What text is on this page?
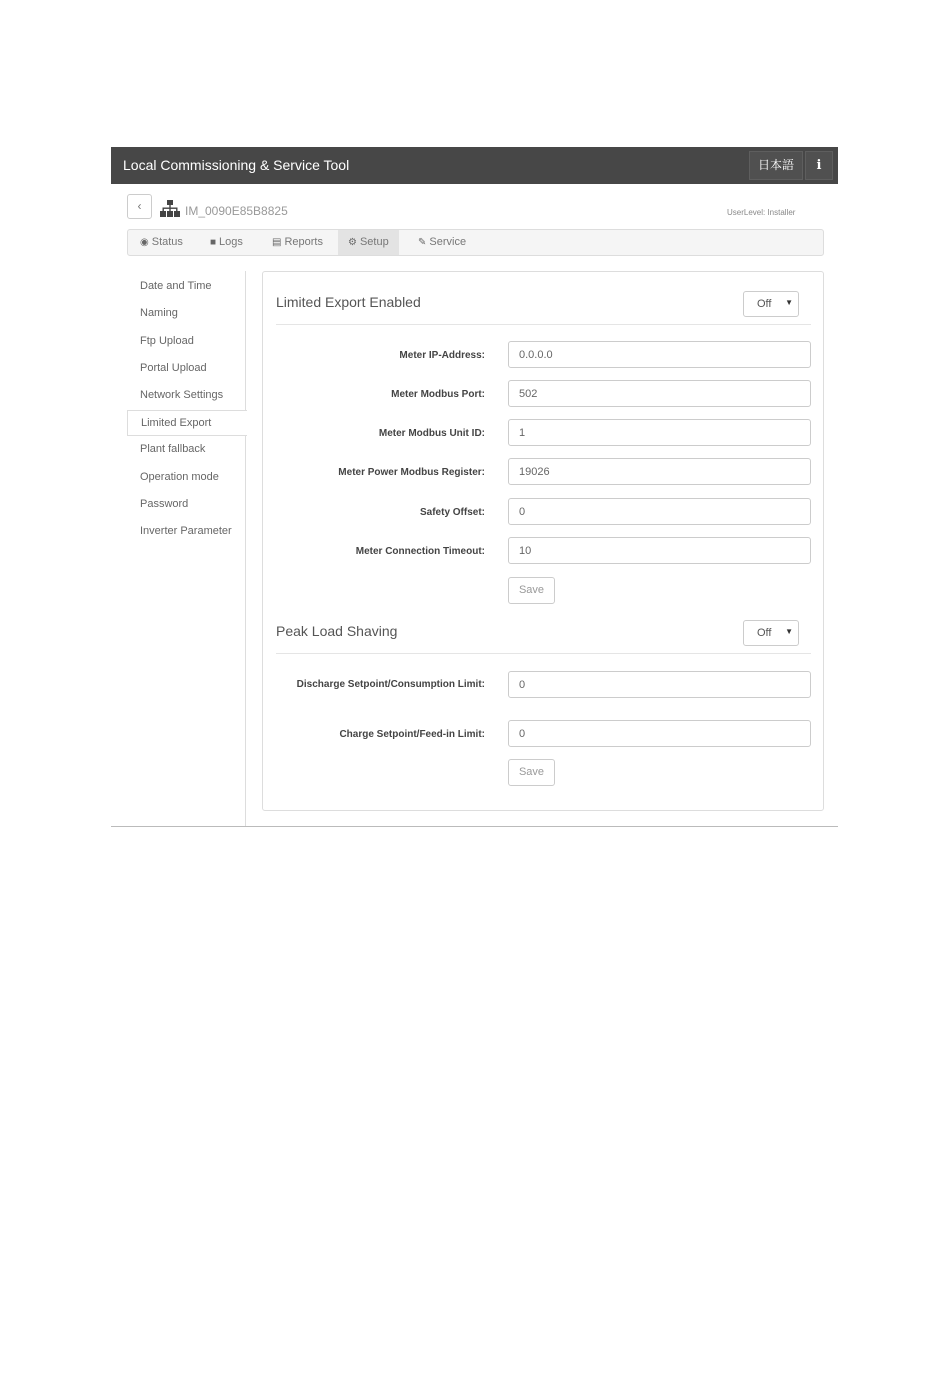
Local Commissioning & Service Tool	日本語	i
‹	IM_0090E85B8825	UserLevel: Installer
◉ Status	■ Logs	▤ Reports	⚙ Setup	✎ Service
Date and Time
Naming
Ftp Upload
Portal Upload
Network Settings
Limited Export
Plant fallback
Operation mode
Password
Inverter Parameter
Limited Export Enabled	Off ▼
Meter IP-Address:
0.0.0.0
Meter Modbus Port:
502
Meter Modbus Unit ID:
1
Meter Power Modbus Register:
19026
Safety Offset:
0
Meter Connection Timeout:
10
Save
Peak Load Shaving	Off ▼
Discharge Setpoint/Consumption Limit:
0
Charge Setpoint/Feed-in Limit:
0
Save
